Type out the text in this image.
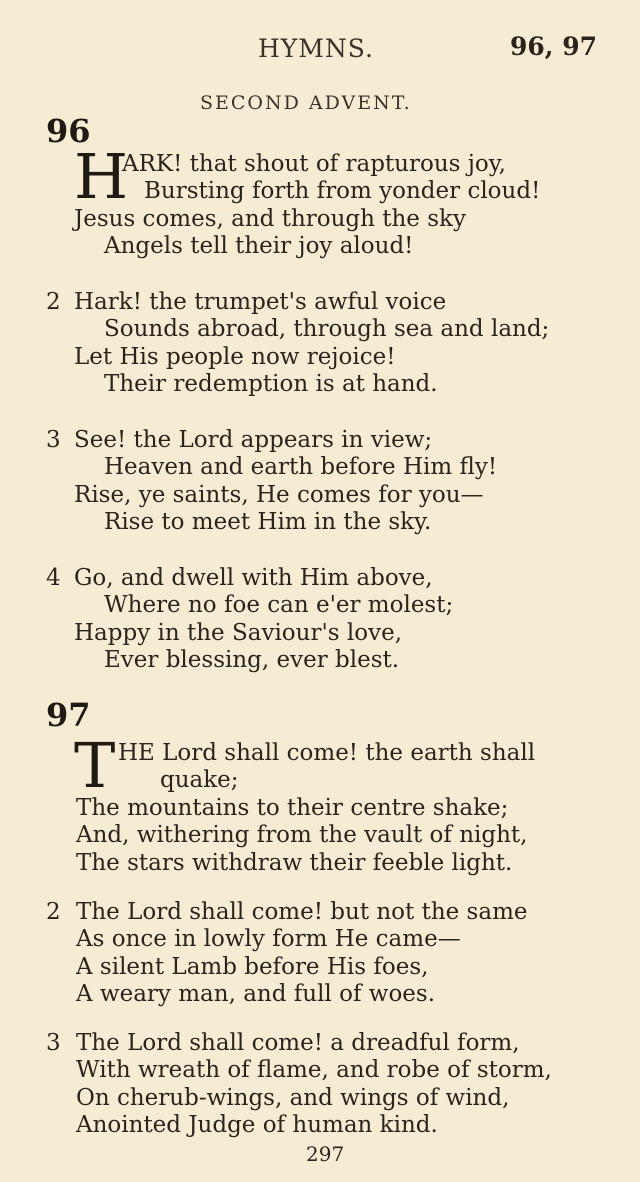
HYMNS.	96, 97
SECOND ADVENT.
96
H
ARK! that shout of rapturous joy,
Bursting forth from yonder cloud!
Jesus comes, and through the sky
Angels tell their joy aloud!
2 Hark! the trumpet's awful voice
Sounds abroad, through sea and land;
Let His people now rejoice!
Their redemption is at hand.
3 See! the Lord appears in view;
Heaven and earth before Him fly!
Rise, ye saints, He comes for you—
Rise to meet Him in the sky.
4 Go, and dwell with Him above,
Where no foe can e'er molest;
Happy in the Saviour's love,
Ever blessing, ever blest.
97
T HE Lord shall come! the earth shall
quake;
The mountains to their centre shake;
And, withering from the vault of night,
The stars withdraw their feeble light.
2 The Lord shall come! but not the same
As once in lowly form He came—
A silent Lamb before His foes,
A weary man, and full of woes.
3 The Lord shall come! a dreadful form,
With wreath of flame, and robe of storm,
On cherub-wings, and wings of wind,
Anointed Judge of human kind.
297
